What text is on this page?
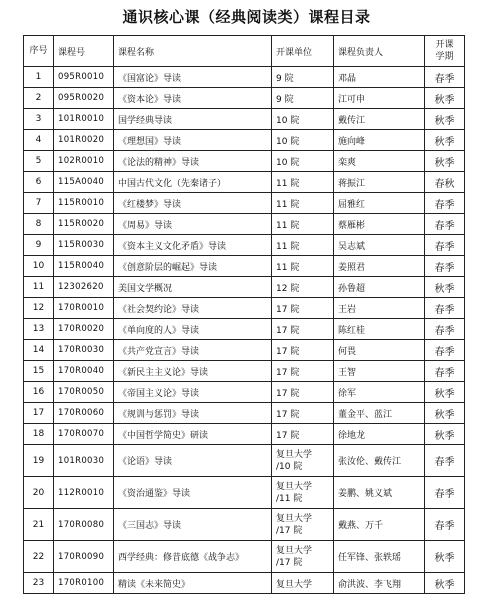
通识核心课（经典阅读类）课程目录
序号	课程号	课程名称	开课单位	课程负责人	开课
学期

1	095R0010	《国富论》导读	9 院	邓晶	春季
2	095R0020	《资本论》导读	9 院	江可申	秋季
3	101R0010	国学经典导读	10 院	戴传江	秋季
4	101R0020	《理想国》导读	10 院	施向峰	秋季
5	102R0010	《论法的精神》导读	10 院	栾爽	秋季
6	115A0040	中国古代文化（先秦诸子）	11 院	蒋振江	春秋
7	115R0010	《红楼梦》导读	11 院	屈雅红	春季
8	115R0020	《周易》导读	11 院	蔡雁彬	春季
9	115R0030	《资本主义文化矛盾》导读	11 院	吴志斌	春季
10	115R0040	《创意阶层的崛起》导读	11 院	姜照君	春季
11	12302620	美国文学概况	12 院	孙鲁超	秋季
12	170R0010	《社会契约论》导读	17 院	王岩	春季
13	170R0020	《单向度的人》导读	17 院	陈红桂	春季
14	170R0030	《共产党宣言》导读	17 院	何畏	春季
15	170R0040	《新民主主义论》导读	17 院	王智	春季
16	170R0050	《帝国主义论》导读	17 院	徐军	秋季
17	170R0060	《规训与惩罚》导读	17 院	董金平、蓝江	秋季
18	170R0070	《中国哲学简史》研读	17 院	徐地龙	秋季
19	101R0030	《论语》导读	复旦大学
/10 院	张汝伦、戴传江	春季
20	112R0010	《资治通鉴》导读	复旦大学
/11 院	姜鹏、姚义斌	春季
21	170R0080	《三国志》导读	复旦大学
/17 院	戴燕、万千	春季
22	170R0090	西学经典：修昔底德《战争志》	复旦大学
/17 院	任军锋、张轶瑶	秋季
23	170R0100	精读《未来简史》	复旦大学	俞洪波、李飞翔	秋季
